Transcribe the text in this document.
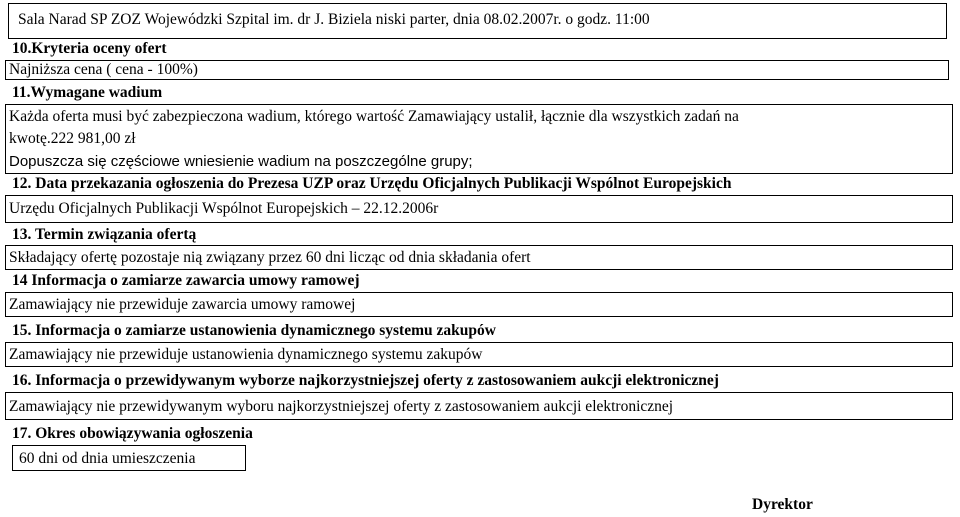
Sala Narad SP ZOZ Wojewódzki Szpital im. dr J. Biziela niski parter, dnia 08.02.2007r. o godz. 11:00
10.Kryteria oceny ofert
Najniższa cena ( cena - 100%)
11.Wymagane wadium
Każda oferta musi być zabezpieczona wadium, którego wartość Zamawiający ustalił, łącznie dla wszystkich zadań na
kwotę.222 981,00 zł
Dopuszcza się częściowe wniesienie wadium na poszczególne grupy;
12. Data przekazania ogłoszenia do Prezesa UZP oraz Urzędu Oficjalnych Publikacji Wspólnot Europejskich
Urzędu Oficjalnych Publikacji Wspólnot Europejskich – 22.12.2006r
13. Termin związania ofertą
Składający ofertę pozostaje nią związany przez 60 dni licząc od dnia składania ofert
14 Informacja o zamiarze zawarcia umowy ramowej
Zamawiający nie przewiduje zawarcia umowy ramowej
15. Informacja o zamiarze ustanowienia dynamicznego systemu zakupów
Zamawiający nie przewiduje ustanowienia dynamicznego systemu zakupów
16. Informacja o przewidywanym wyborze najkorzystniejszej oferty z zastosowaniem aukcji elektronicznej
Zamawiający nie przewidywanym wyboru najkorzystniejszej oferty z zastosowaniem aukcji elektronicznej
17. Okres obowiązywania ogłoszenia
60 dni od dnia umieszczenia
Dyrektor
